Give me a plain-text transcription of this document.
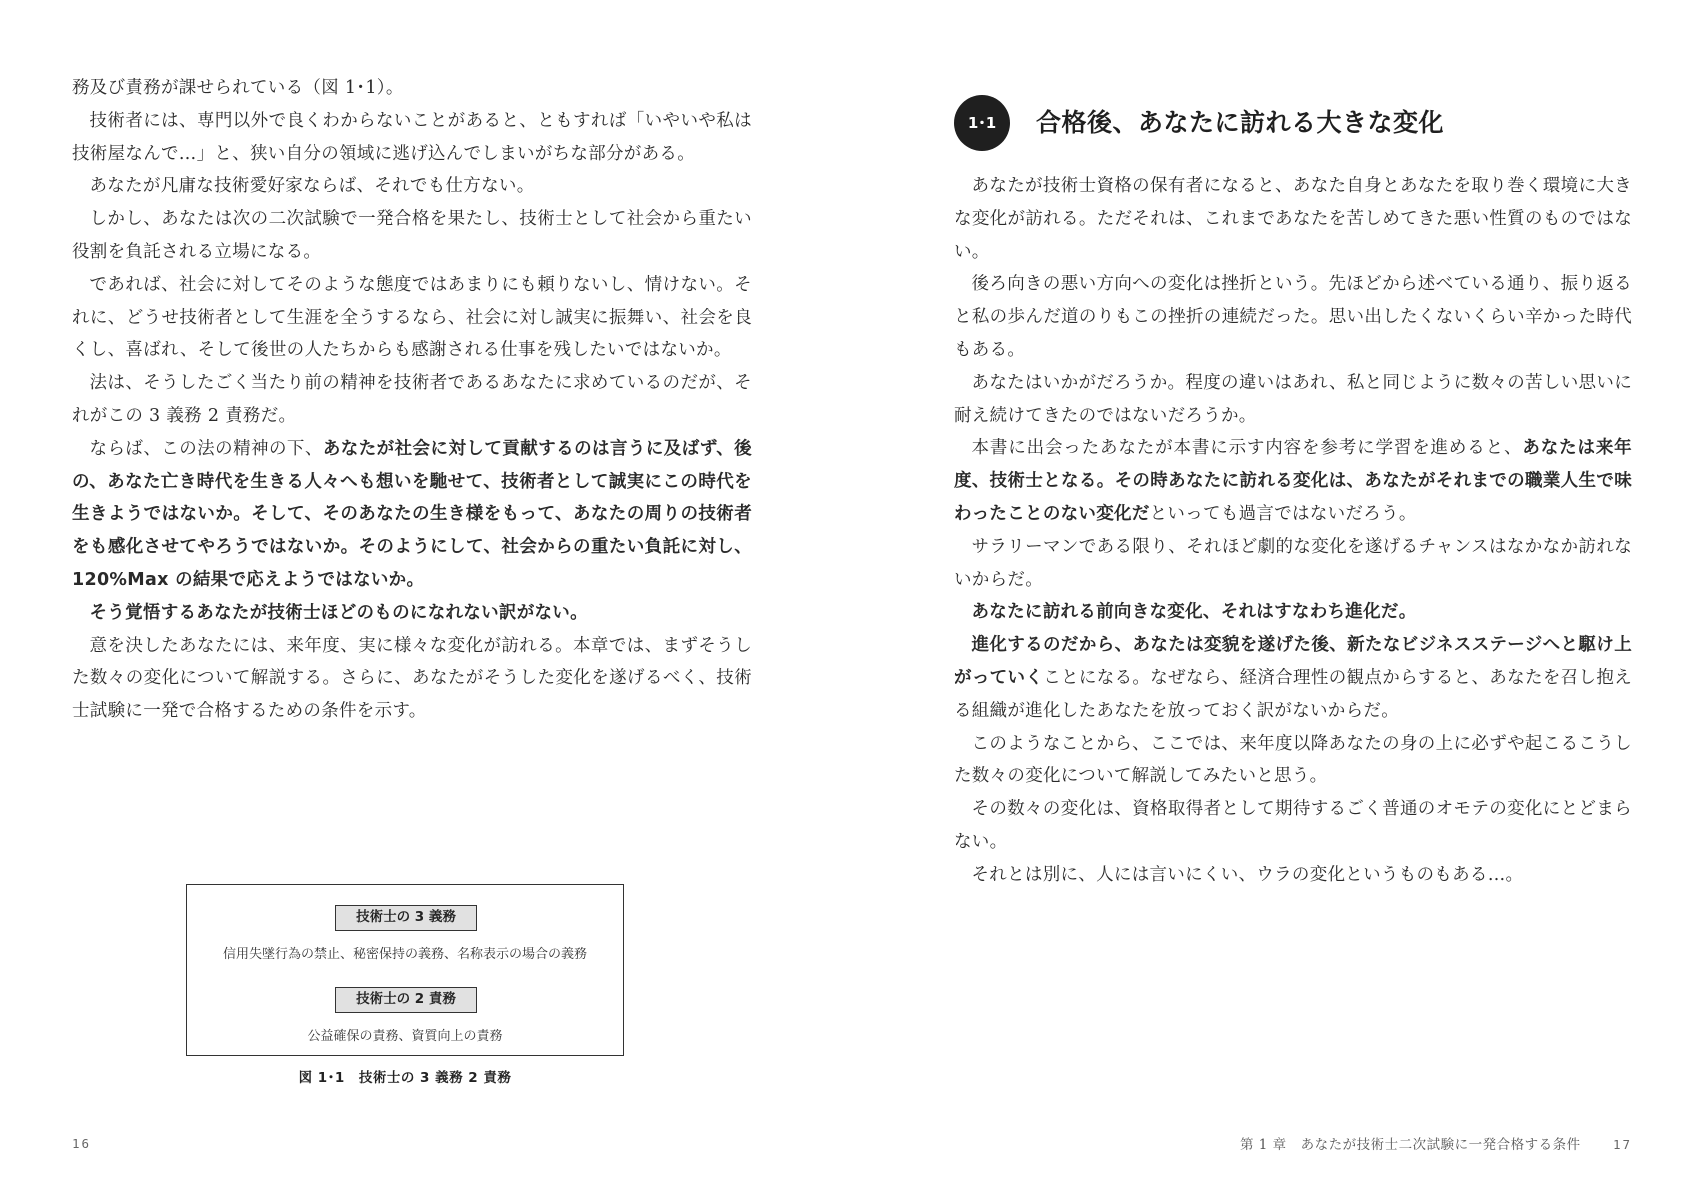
務及び責務が課せられている（図 1･1）。

技術者には、専門以外で良くわからないことがあると、ともすれば「いやいや私は技術屋なんで…」と、狭い自分の領域に逃げ込んでしまいがちな部分がある。

あなたが凡庸な技術愛好家ならば、それでも仕方ない。

しかし、あなたは次の二次試験で一発合格を果たし、技術士として社会から重たい役割を負託される立場になる。

であれば、社会に対してそのような態度ではあまりにも頼りないし、情けない。それに、どうせ技術者として生涯を全うするなら、社会に対し誠実に振舞い、社会を良くし、喜ばれ、そして後世の人たちからも感謝される仕事を残したいではないか。

法は、そうしたごく当たり前の精神を技術者であるあなたに求めているのだが、それがこの 3 義務 2 責務だ。

ならば、この法の精神の下、あなたが社会に対して貢献するのは言うに及ばず、後の、あなた亡き時代を生きる人々へも想いを馳せて、技術者として誠実にこの時代を生きようではないか。そして、そのあなたの生き様をもって、あなたの周りの技術者をも感化させてやろうではないか。そのようにして、社会からの重たい負託に対し、120%Max の結果で応えようではないか。

そう覚悟するあなたが技術士ほどのものになれない訳がない。

意を決したあなたには、来年度、実に様々な変化が訪れる。本章では、まずそうした数々の変化について解説する。さらに、あなたがそうした変化を遂げるべく、技術士試験に一発で合格するための条件を示す。

技術士の 3 義務
信用失墜行為の禁止、秘密保持の義務、名称表示の場合の義務
技術士の 2 責務
公益確保の責務、資質向上の責務
図 1･1　技術士の 3 義務 2 責務
16
1･1	合格後、あなたに訪れる大きな変化

あなたが技術士資格の保有者になると、あなた自身とあなたを取り巻く環境に大きな変化が訪れる。ただそれは、これまであなたを苦しめてきた悪い性質のものではない。

後ろ向きの悪い方向への変化は挫折という。先ほどから述べている通り、振り返ると私の歩んだ道のりもこの挫折の連続だった。思い出したくないくらい辛かった時代もある。

あなたはいかがだろうか。程度の違いはあれ、私と同じように数々の苦しい思いに耐え続けてきたのではないだろうか。

本書に出会ったあなたが本書に示す内容を参考に学習を進めると、あなたは来年度、技術士となる。その時あなたに訪れる変化は、あなたがそれまでの職業人生で味わったことのない変化だといっても過言ではないだろう。

サラリーマンである限り、それほど劇的な変化を遂げるチャンスはなかなか訪れないからだ。

あなたに訪れる前向きな変化、それはすなわち進化だ。

進化するのだから、あなたは変貌を遂げた後、新たなビジネスステージへと駆け上がっていくことになる。なぜなら、経済合理性の観点からすると、あなたを召し抱える組織が進化したあなたを放っておく訳がないからだ。

このようなことから、ここでは、来年度以降あなたの身の上に必ずや起こるこうした数々の変化について解説してみたいと思う。

その数々の変化は、資格取得者として期待するごく普通のオモテの変化にとどまらない。

それとは別に、人には言いにくい、ウラの変化というものもある…。

第 1 章　あなたが技術士二次試験に一発合格する条件	17
